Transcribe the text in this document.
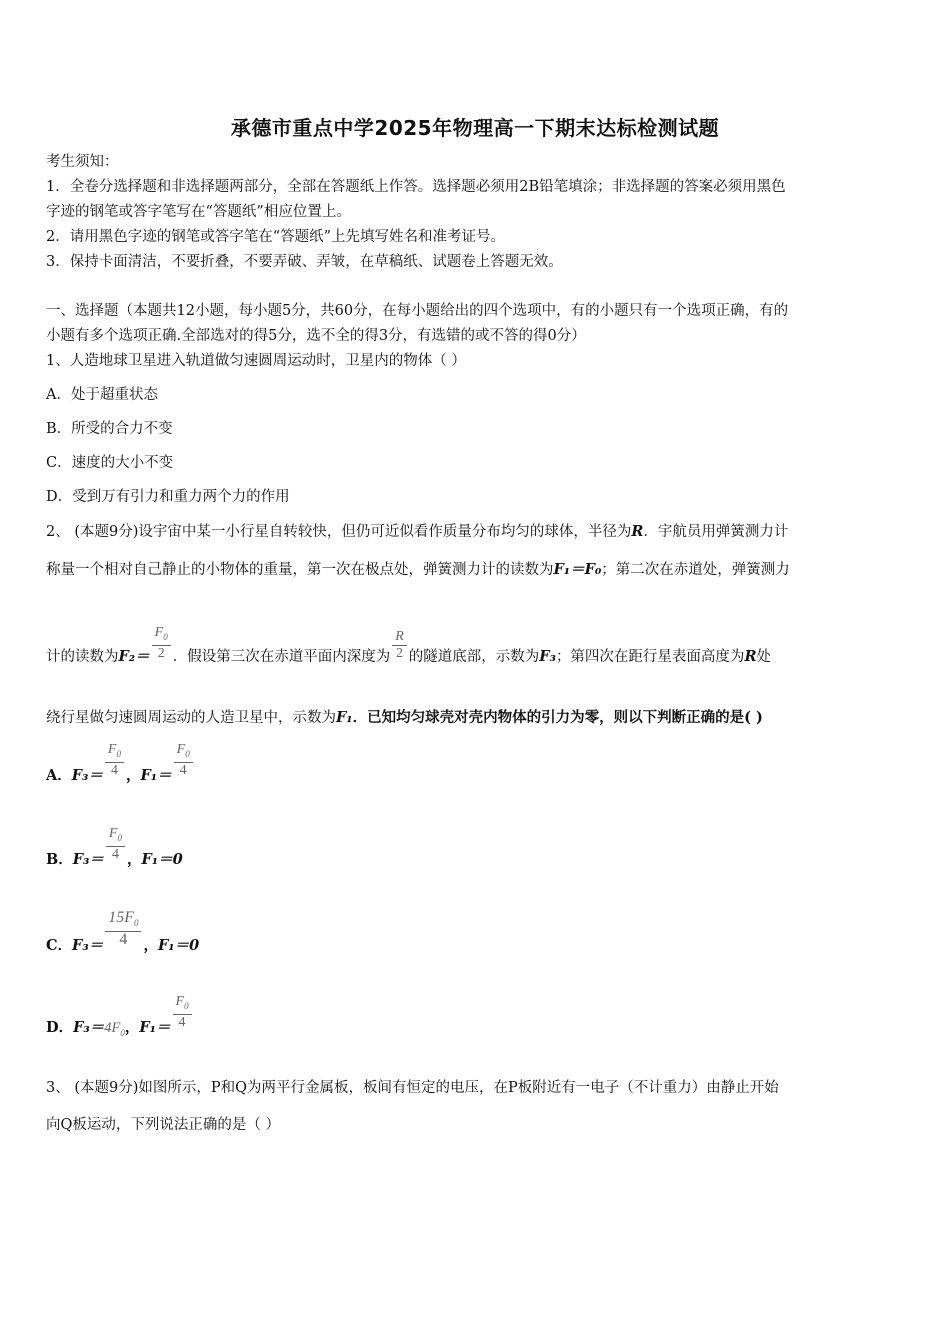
承德市重点中学2025年物理高一下期末达标检测试题
考生须知：
1．全卷分选择题和非选择题两部分，全部在答题纸上作答。选择题必须用2B铅笔填涂；非选择题的答案必须用黑色
字迹的钢笔或答字笔写在“答题纸”相应位置上。
2．请用黑色字迹的钢笔或答字笔在“答题纸”上先填写姓名和准考证号。
3．保持卡面清洁，不要折叠，不要弄破、弄皱，在草稿纸、试题卷上答题无效。
一、选择题（本题共12小题，每小题5分，共60分，在每小题给出的四个选项中，有的小题只有一个选项正确，有的
小题有多个选项正确.全部选对的得5分，选不全的得3分，有选错的或不答的得0分）
1、人造地球卫星进入轨道做匀速圆周运动时，卫星内的物体（ ）
A．处于超重状态
B．所受的合力不变
C．速度的大小不变
D．受到万有引力和重力两个力的作用
2、 (本题9分)设宇宙中某一小行星自转较快，但仍可近似看作质量分布均匀的球体，半径为R．宇航员用弹簧测力计
称量一个相对自己静止的小物体的重量，第一次在极点处，弹簧测力计的读数为F₁＝F₀；第二次在赤道处，弹簧测力
计的读数为$F_2= \frac{F_0}{2}$ ．假设第三次在赤道平面内深度为 $\frac{R}{2}$ 的隧道底部，示数为F₃；第四次在距行星表面高度为R处
绕行星做匀速圆周运动的人造卫星中，示数为F₁．已知均匀球壳对壳内物体的引力为零，则以下判断正确的是( )
A．$F_3= \frac{F_0}{4}$ ，$F_1= \frac{F_0}{4}$
B．$F_3= \frac{F_0}{4}$ ，F₁＝0
C．$F_3= \frac{15F_0}{4}$ ，F₁＝0
D．$F_3=4F_0$，$F_1= \frac{F_0}{4}$
3、 (本题9分)如图所示，P和Q为两平行金属板，板间有恒定的电压，在P板附近有一电子（不计重力）由静止开始
向Q板运动，下列说法正确的是（ ）
